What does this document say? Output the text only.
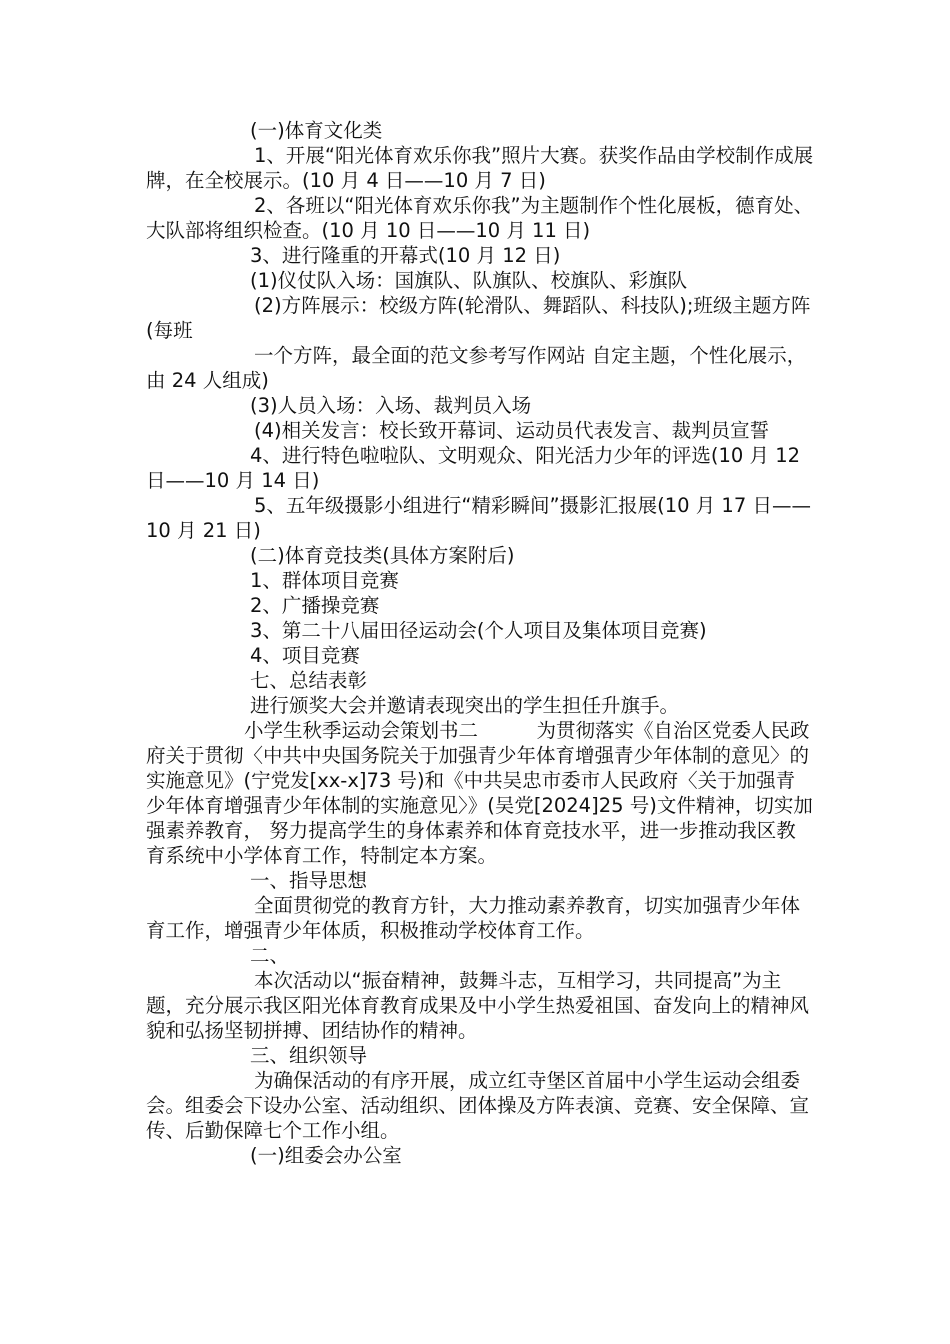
(一)体育文化类

1、开展“阳光体育欢乐你我”照片大赛。获奖作品由学校制作成展牌，在全校展示。(10 月 4 日——10 月 7 日)

2、各班以“阳光体育欢乐你我”为主题制作个性化展板，德育处、大队部将组织检查。(10 月 10 日——10 月 11 日)

3、进行隆重的开幕式(10 月 12 日)

(1)仪仗队入场：国旗队、队旗队、校旗队、彩旗队

(2)方阵展示：校级方阵(轮滑队、舞蹈队、科技队);班级主题方阵(每班

一个方阵，最全面的范文参考写作网站 自定主题，个性化展示，由 24 人组成)

(3)人员入场：入场、裁判员入场

(4)相关发言：校长致开幕词、运动员代表发言、裁判员宣誓

4、进行特色啦啦队、文明观众、阳光活力少年的评选(10 月 12 日——10 月 14 日)

5、五年级摄影小组进行“精彩瞬间”摄影汇报展(10 月 17 日——10 月 21 日)

(二)体育竞技类(具体方案附后)

1、群体项目竞赛

2、广播操竞赛

3、第二十八届田径运动会(个人项目及集体项目竞赛)

4、项目竞赛

七、总结表彰

进行颁奖大会并邀请表现突出的学生担任升旗手。

小学生秋季运动会策划书二　　　为贯彻落实《自治区党委人民政府关于贯彻〈中共中央国务院关于加强青少年体育增强青少年体制的意见〉的实施意见》(宁党发[xx-x]73 号)和《中共吴忠市委市人民政府〈关于加强青少年体育增强青少年体制的实施意见〉》(吴党[2024]25 号)文件精神，切实加强素养教育， 努力提高学生的身体素养和体育竞技水平，进一步推动我区教育系统中小学体育工作，特制定本方案。

一、指导思想

全面贯彻党的教育方针，大力推动素养教育，切实加强青少年体育工作，增强青少年体质，积极推动学校体育工作。

二、

本次活动以“振奋精神，鼓舞斗志，互相学习，共同提高”为主题，充分展示我区阳光体育教育成果及中小学生热爱祖国、奋发向上的精神风貌和弘扬坚韧拼搏、团结协作的精神。

三、组织领导

为确保活动的有序开展，成立红寺堡区首届中小学生运动会组委会。组委会下设办公室、活动组织、团体操及方阵表演、竞赛、安全保障、宣传、后勤保障七个工作小组。

(一)组委会办公室
